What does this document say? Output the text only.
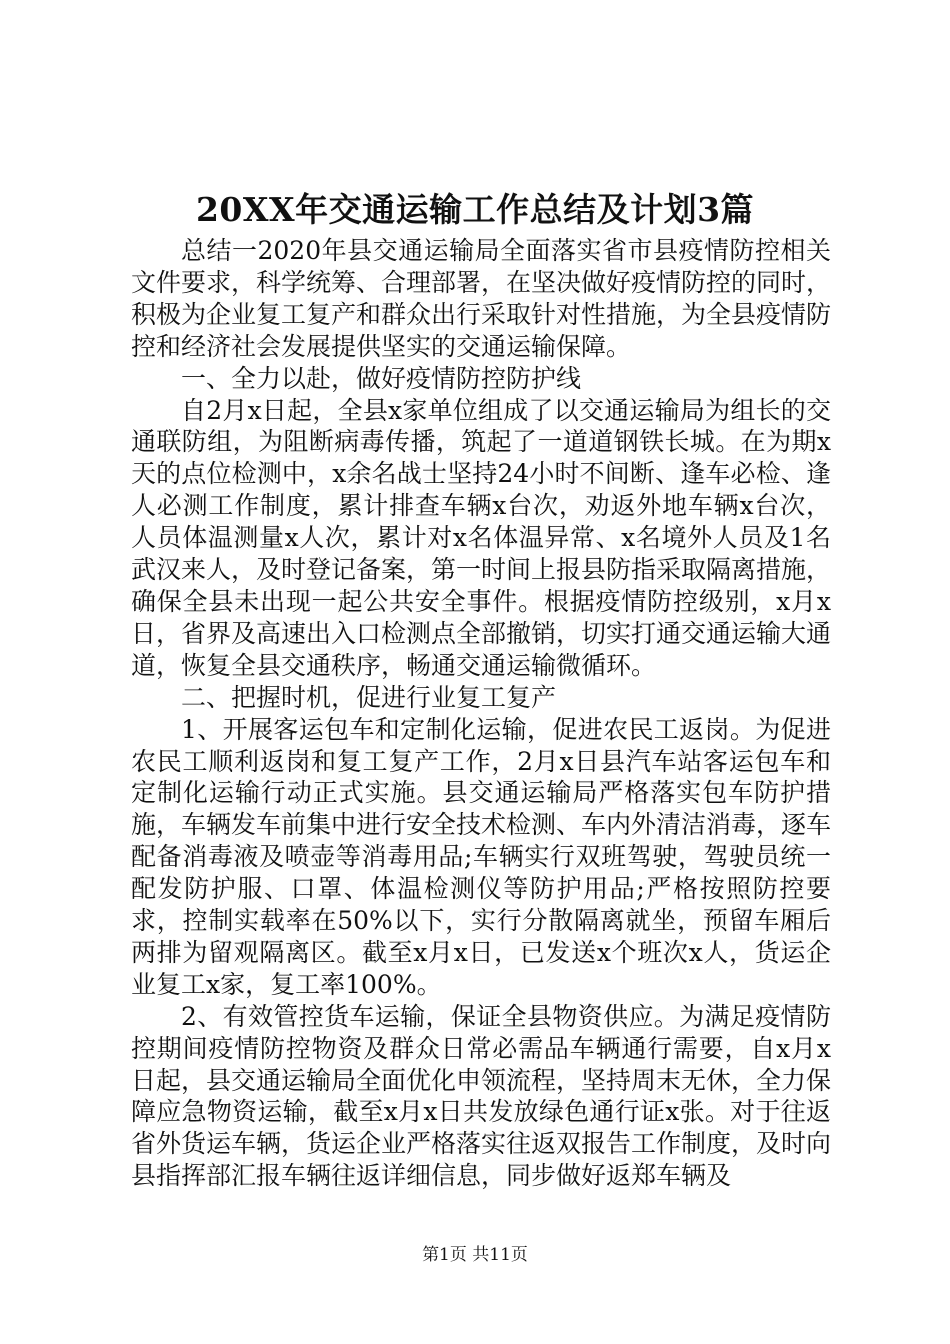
20XX年交通运输工作总结及计划3篇

总结一2020年县交通运输局全面落实省市县疫情防控相关文件要求，科学统筹、合理部署，在坚决做好疫情防控的同时，积极为企业复工复产和群众出行采取针对性措施，为全县疫情防控和经济社会发展提供坚实的交通运输保障。

一、全力以赴，做好疫情防控防护线

自2月x日起，全县x家单位组成了以交通运输局为组长的交通联防组，为阻断病毒传播，筑起了一道道钢铁长城。在为期x天的点位检测中，x余名战士坚持24小时不间断、逢车必检、逢人必测工作制度，累计排查车辆x台次，劝返外地车辆x台次，人员体温测量x人次，累计对x名体温异常、x名境外人员及1名武汉来人，及时登记备案，第一时间上报县防指采取隔离措施，确保全县未出现一起公共安全事件。根据疫情防控级别，x月x日，省界及高速出入口检测点全部撤销，切实打通交通运输大通道，恢复全县交通秩序，畅通交通运输微循环。

二、把握时机，促进行业复工复产

1、开展客运包车和定制化运输，促进农民工返岗。为促进农民工顺利返岗和复工复产工作，2月x日县汽车站客运包车和定制化运输行动正式实施。县交通运输局严格落实包车防护措施，车辆发车前集中进行安全技术检测、车内外清洁消毒，逐车配备消毒液及喷壶等消毒用品;车辆实行双班驾驶，驾驶员统一配发防护服、口罩、体温检测仪等防护用品;严格按照防控要求，控制实载率在50%以下，实行分散隔离就坐，预留车厢后两排为留观隔离区。截至x月x日，已发送x个班次x人，货运企业复工x家，复工率100%。

2、有效管控货车运输，保证全县物资供应。为满足疫情防控期间疫情防控物资及群众日常必需品车辆通行需要，自x月x日起，县交通运输局全面优化申领流程，坚持周末无休，全力保障应急物资运输，截至x月x日共发放绿色通行证x张。对于往返省外货运车辆，货运企业严格落实往返双报告工作制度，及时向县指挥部汇报车辆往返详细信息，同步做好返郑车辆及

第1页 共11页
